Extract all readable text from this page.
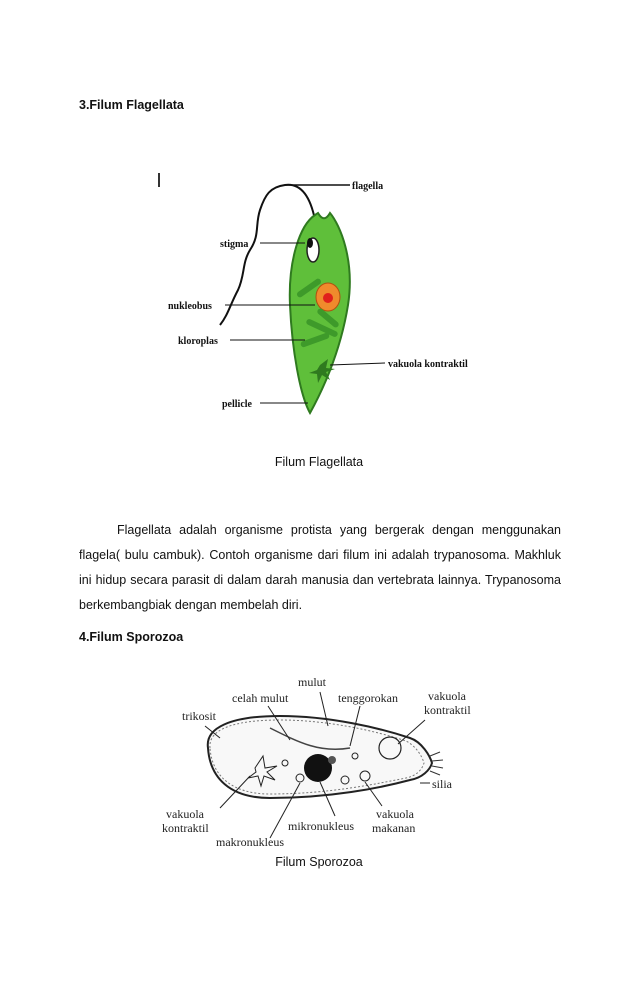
3.Filum Flagellata
flagella
stigma
nukleobus
kloroplas
vakuola kontraktil
pellicle
Filum Flagellata
Flagellata adalah organisme protista yang bergerak dengan menggunakan flagela( bulu cambuk). Contoh organisme dari filum ini adalah trypanosoma. Makhluk ini hidup secara parasit di dalam darah manusia dan vertebrata lainnya. Trypanosoma berkembangbiak dengan membelah diri.
4.Filum Sporozoa
mulut
celah mulut	tenggorokan	vakuola
kontraktil
trikosit
silia
vakuola
kontraktil	mikronukleus
vakuola
makanan
makronukleus
Filum Sporozoa
